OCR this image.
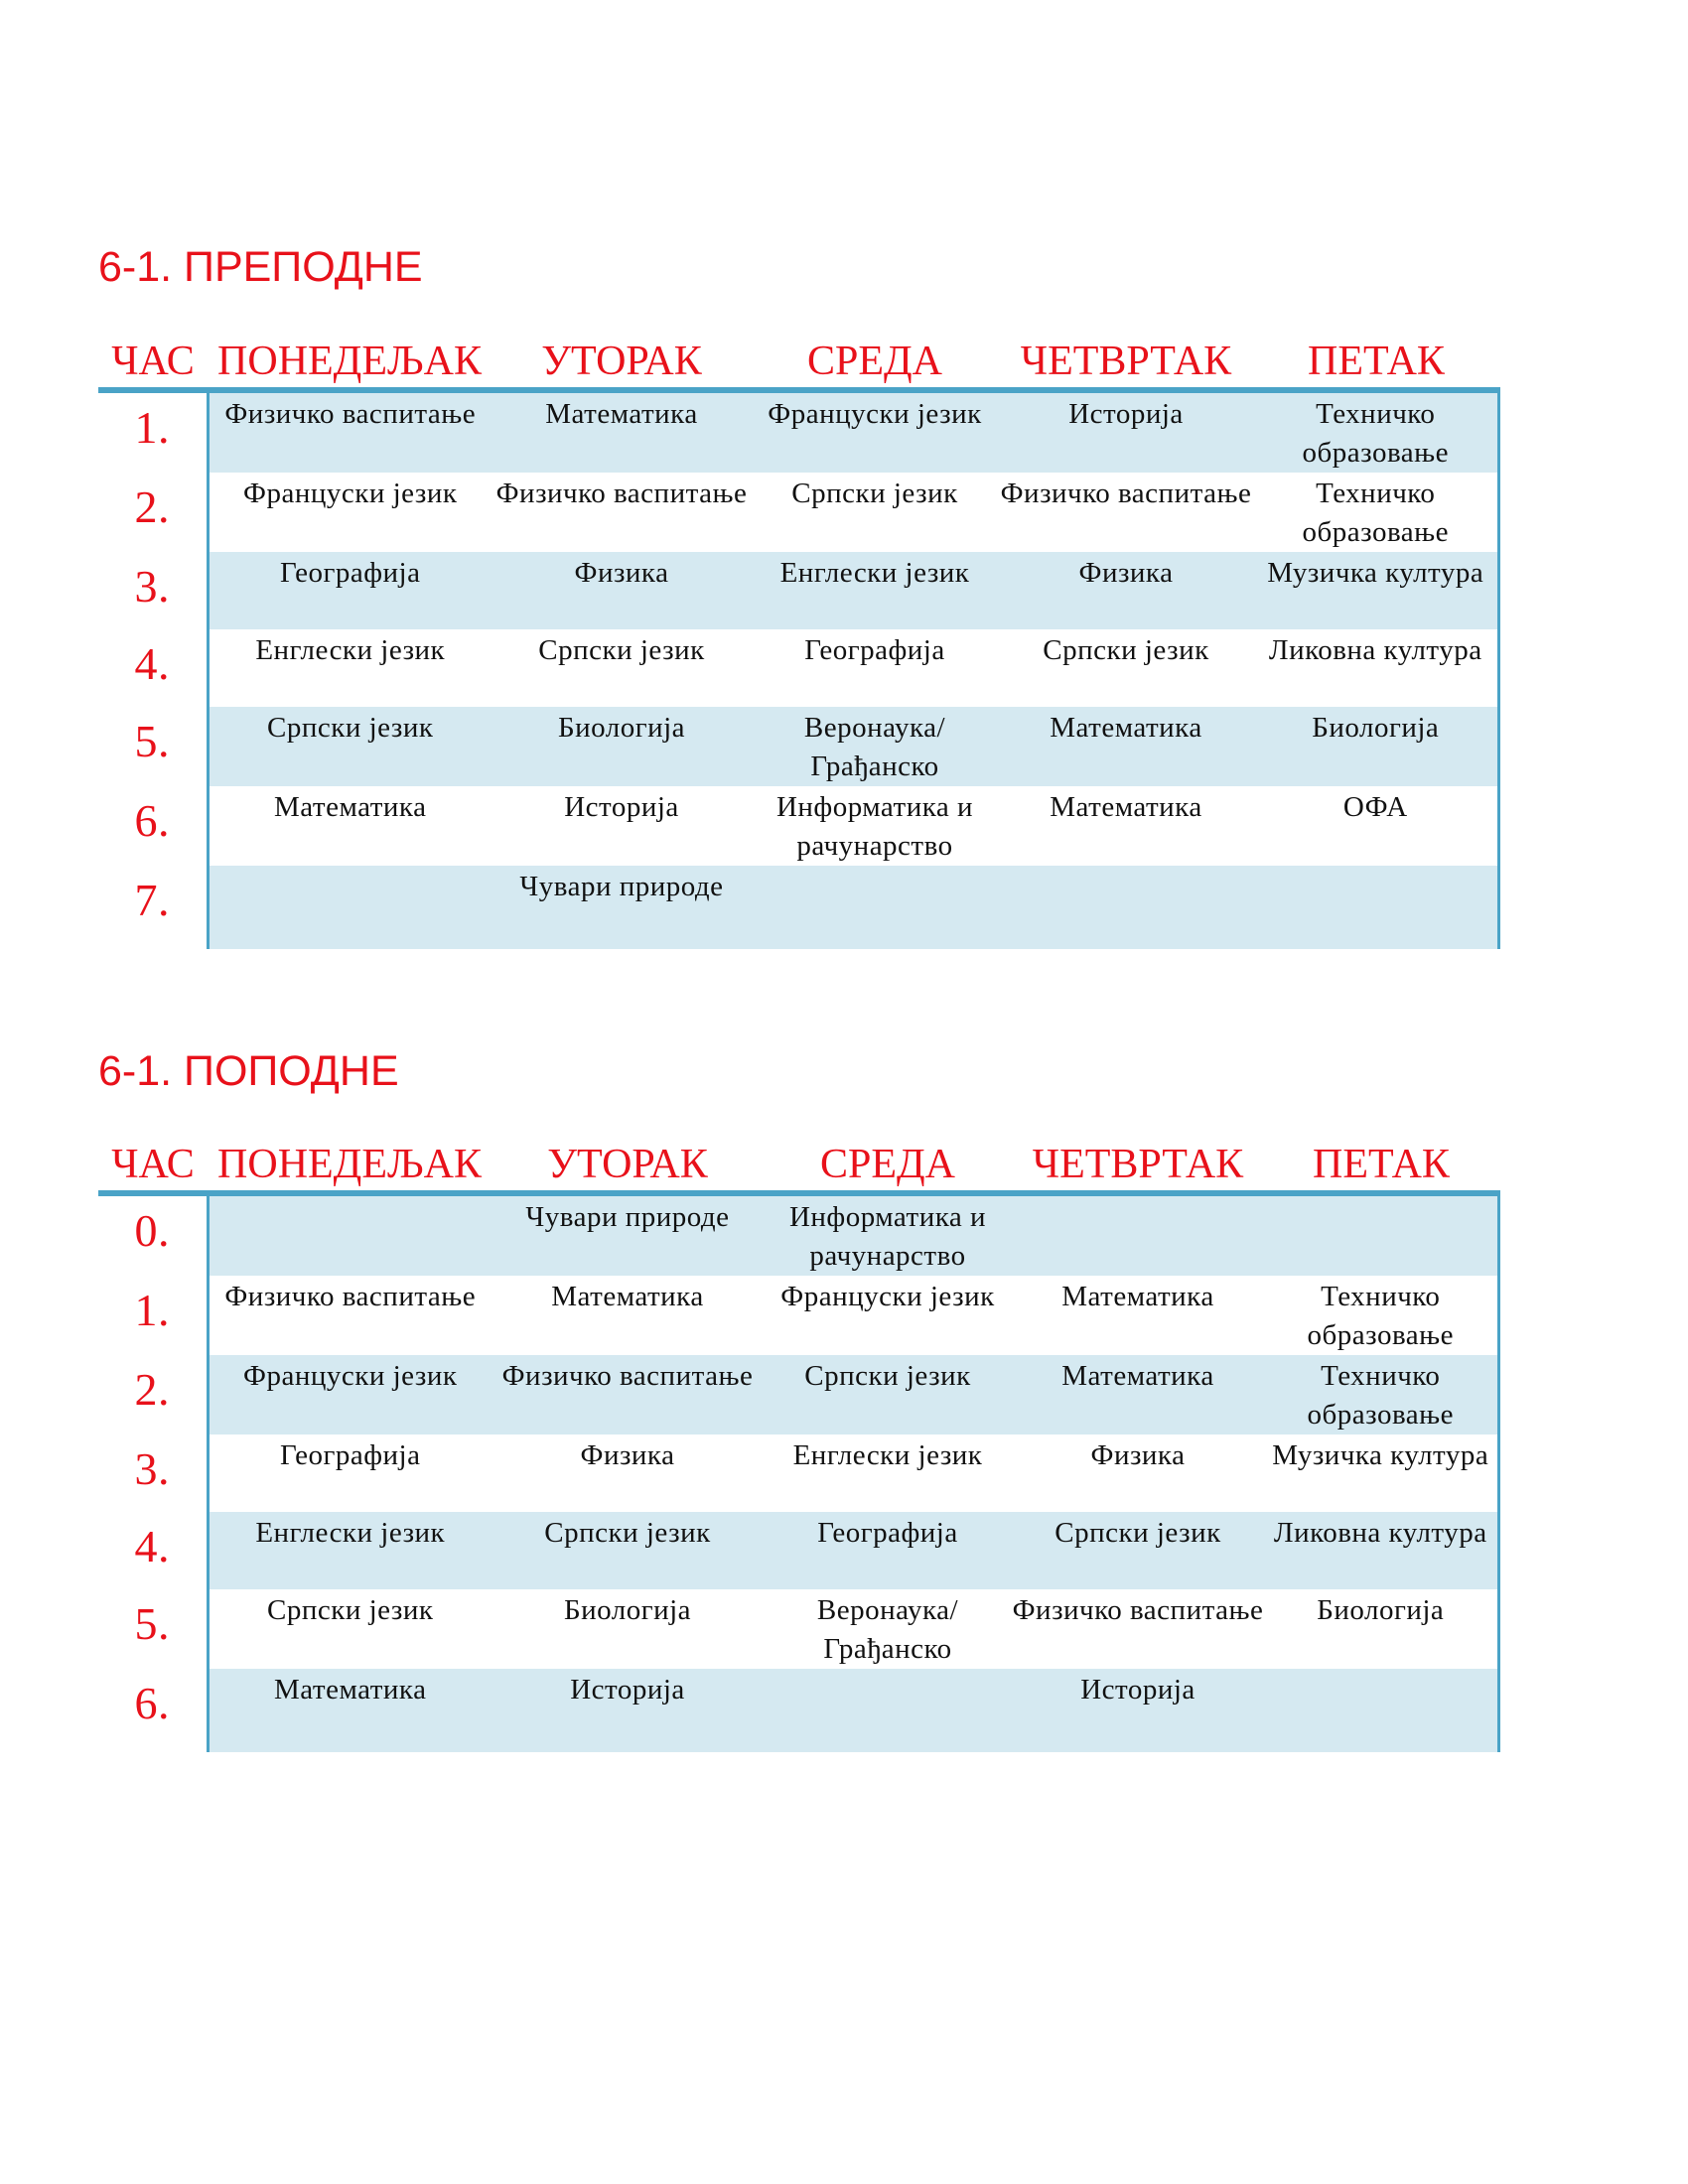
6-1. ПРЕПОДНЕ
ЧАС	ПОНЕДЕЉАК	УТОРАК	СРЕДА	ЧЕТВРТАК	ПЕТАК
1.	Физичко васпитање	Математика	Француски језик	Историја	Техничко образовање
2.	Француски језик	Физичко васпитање	Српски језик	Физичко васпитање	Техничко образовање
3.	Географија	Физика	Енглески језик	Физика	Музичка култура
4.	Енглески језик	Српски језик	Географија	Српски језик	Ликовна култура
5.	Српски језик	Биологија	Веронаука/ Грађанско	Математика	Биологија
6.	Математика	Историја	Информатика и рачунарство	Математика	ОФА
7.		Чувари природе			
6-1. ПОПОДНЕ
ЧАС	ПОНЕДЕЉАК	УТОРАК	СРЕДА	ЧЕТВРТАК	ПЕТАК
0.		Чувари природе	Информатика и рачунарство		
1.	Физичко васпитање	Математика	Француски језик	Математика	Техничко образовање
2.	Француски језик	Физичко васпитање	Српски језик	Математика	Техничко образовање
3.	Географија	Физика	Енглески језик	Физика	Музичка култура
4.	Енглески језик	Српски језик	Географија	Српски језик	Ликовна култура
5.	Српски језик	Биологија	Веронаука/ Грађанско	Физичко васпитање	Биологија
6.	Математика	Историја		Историја	
